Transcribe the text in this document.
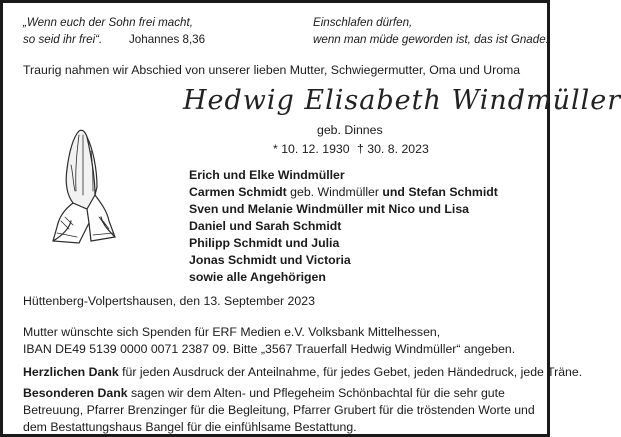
„Wenn euch der Sohn frei macht,
so seid ihr frei“. Johannes 8,36
Einschlafen dürfen,
wenn man müde geworden ist, das ist Gnade.
Traurig nahmen wir Abschied von unserer lieben Mutter, Schwiegermutter, Oma und Uroma
Hedwig Elisabeth Windmüller
geb. Dinnes
* 10. 12. 1930 † 30. 8. 2023
Erich und Elke Windmüller
Carmen Schmidt geb. Windmüller und Stefan Schmidt
Sven und Melanie Windmüller mit Nico und Lisa
Daniel und Sarah Schmidt
Philipp Schmidt und Julia
Jonas Schmidt und Victoria
sowie alle Angehörigen
Hüttenberg-Volpertshausen, den 13. September 2023
Mutter wünschte sich Spenden für ERF Medien e.V. Volksbank Mittelhessen,
IBAN DE49 5139 0000 0071 2387 09. Bitte „3567 Trauerfall Hedwig Windmüller“ angeben.
Herzlichen Dank für jeden Ausdruck der Anteilnahme, für jedes Gebet, jeden Händedruck, jede Träne.
Besonderen Dank sagen wir dem Alten- und Pflegeheim Schönbachtal für die sehr gute
Betreuung, Pfarrer Brenzinger für die Begleitung, Pfarrer Grubert für die tröstenden Worte und
dem Bestattungshaus Bangel für die einfühlsame Bestattung.
